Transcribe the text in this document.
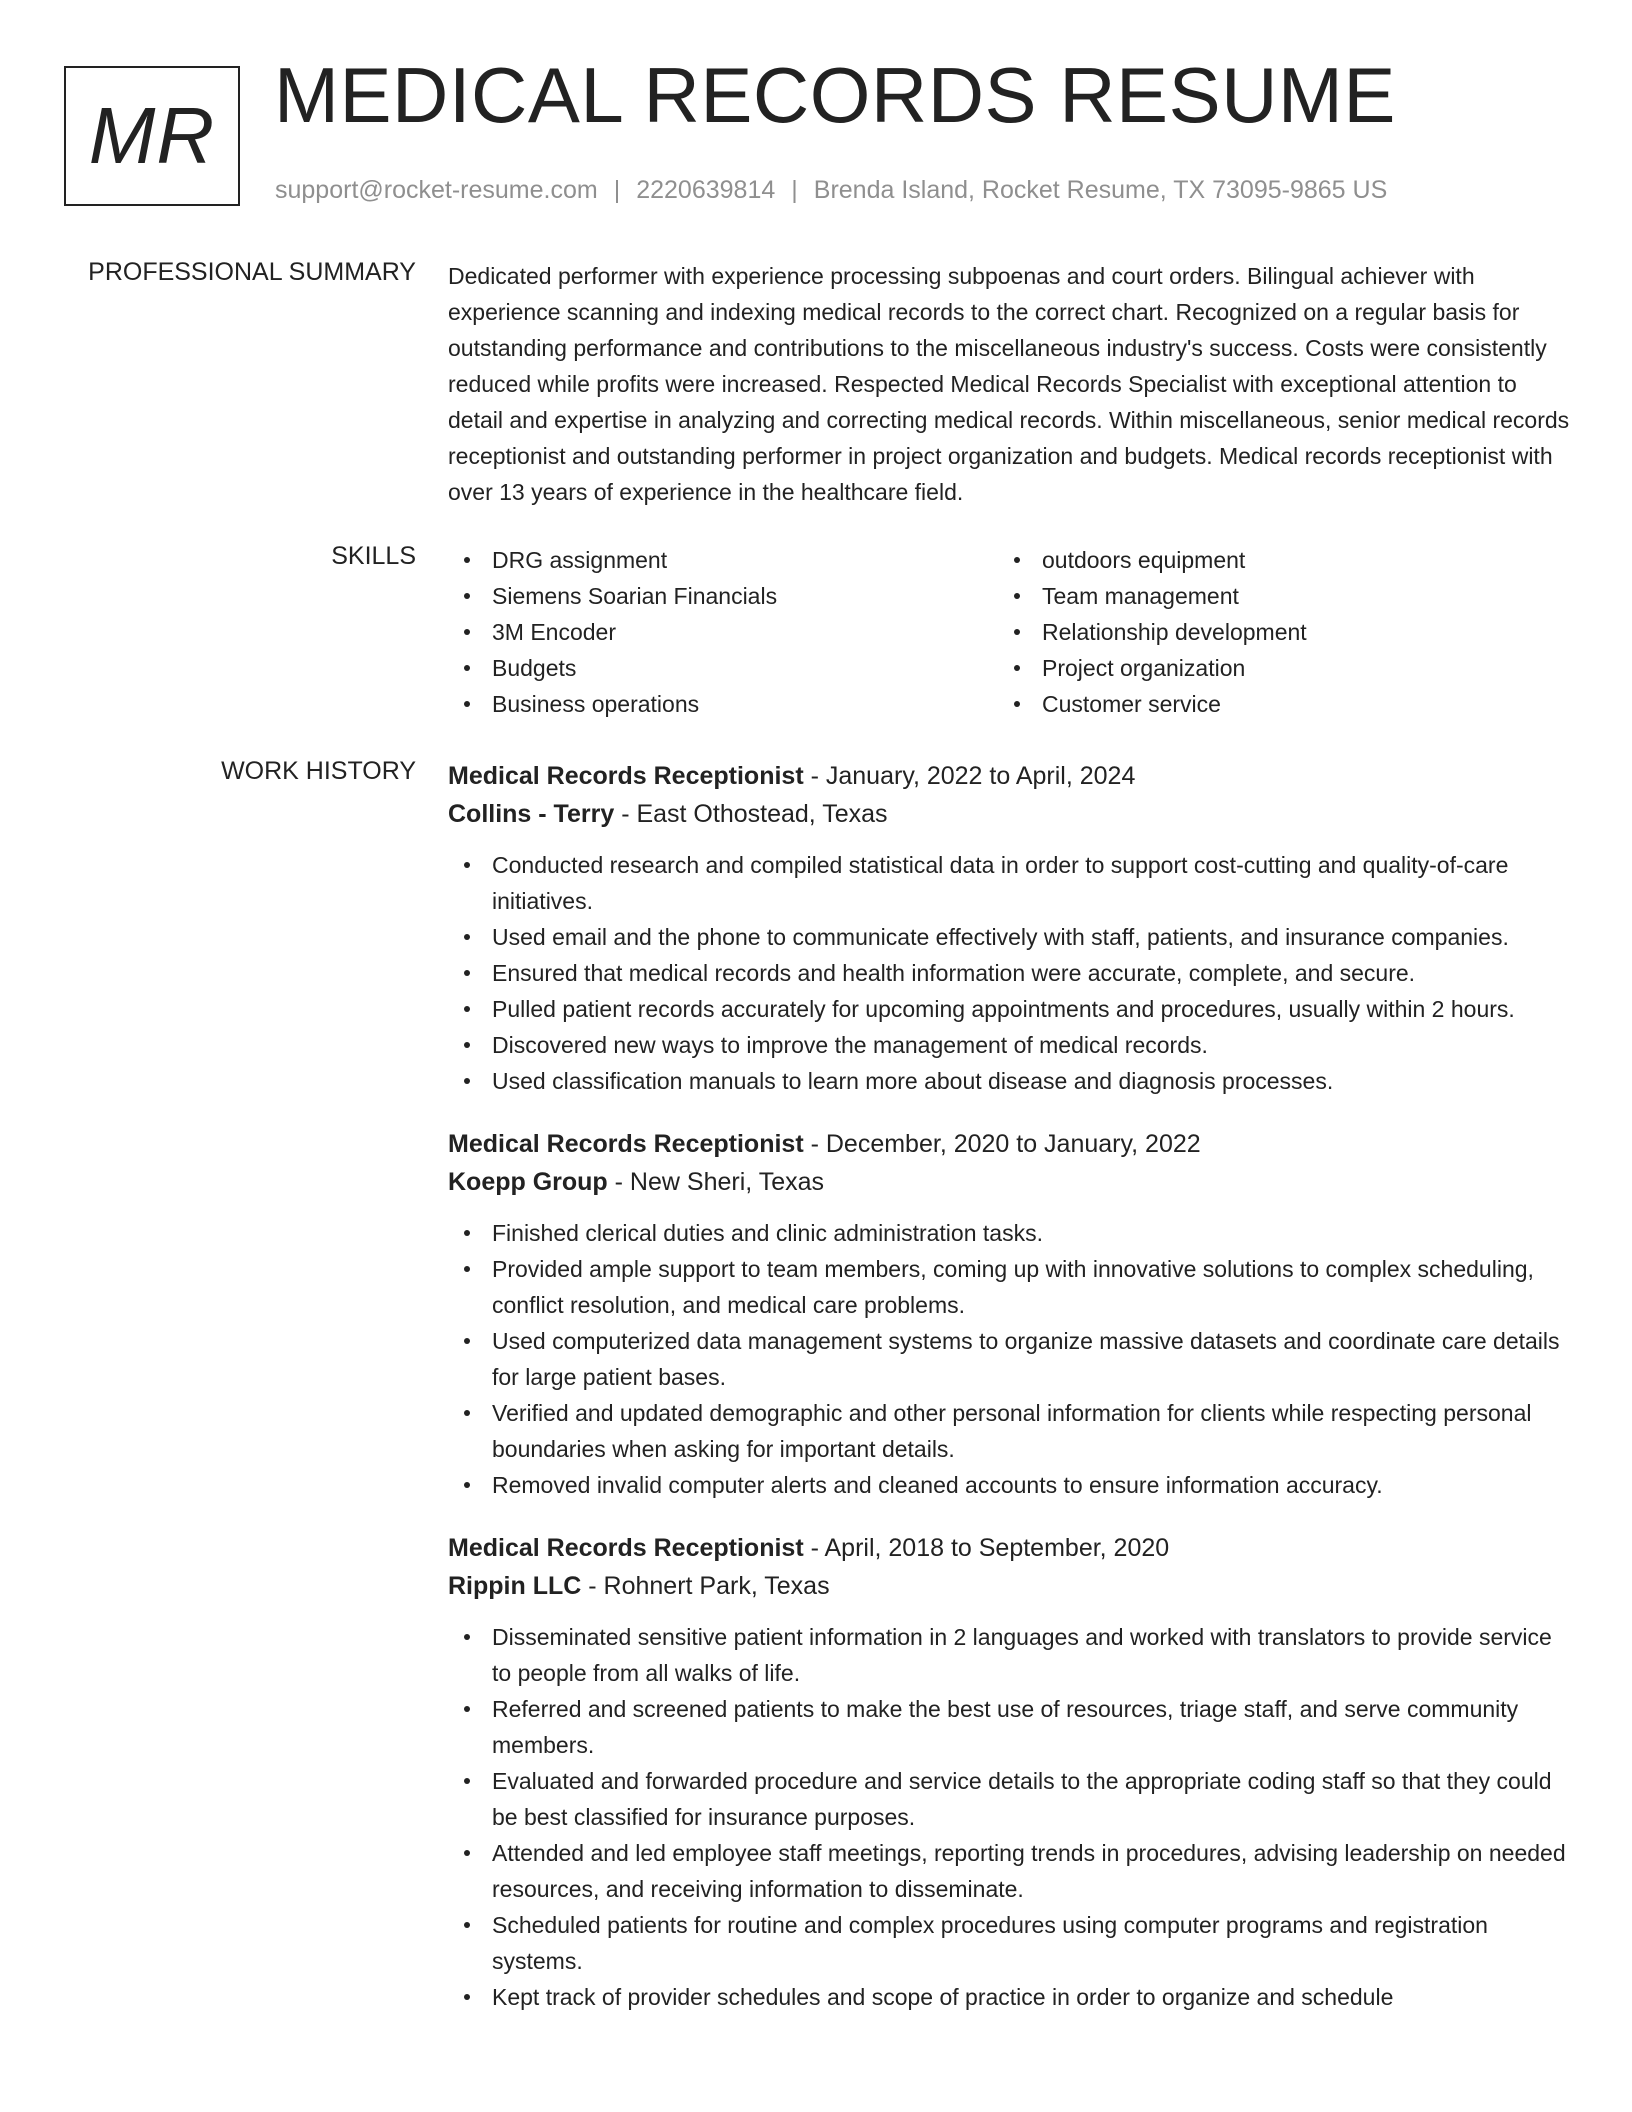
MR MEDICAL RECORDS RESUME
support@rocket-resume.com | 2220639814 | Brenda Island, Rocket Resume, TX 73095-9865 US
PROFESSIONAL SUMMARY Dedicated performer with experience processing subpoenas and court orders. Bilingual achiever with experience scanning and indexing medical records to the correct chart. Recognized on a regular basis for outstanding performance and contributions to the miscellaneous industry's success. Costs were consistently reduced while profits were increased. Respected Medical Records Specialist with exceptional attention to detail and expertise in analyzing and correcting medical records. Within miscellaneous, senior medical records receptionist and outstanding performer in project organization and budgets. Medical records receptionist with over 13 years of experience in the healthcare field.

SKILLS	DRG assignment
Siemens Soarian Financials
3M Encoder
Budgets
Business operations
outdoors equipment
Team management
Relationship development
Project organization
Customer service
WORK HISTORY Medical Records Receptionist - January, 2022 to April, 2024
Collins - Terry - East Othostead, Texas
Conducted research and compiled statistical data in order to support cost-cutting and quality-of-care initiatives.
Used email and the phone to communicate effectively with staff, patients, and insurance companies.
Ensured that medical records and health information were accurate, complete, and secure.
Pulled patient records accurately for upcoming appointments and procedures, usually within 2 hours.
Discovered new ways to improve the management of medical records.
Used classification manuals to learn more about disease and diagnosis processes.
Medical Records Receptionist - December, 2020 to January, 2022
Koepp Group - New Sheri, Texas
Finished clerical duties and clinic administration tasks.
Provided ample support to team members, coming up with innovative solutions to complex scheduling, conflict resolution, and medical care problems.
Used computerized data management systems to organize massive datasets and coordinate care details for large patient bases.
Verified and updated demographic and other personal information for clients while respecting personal boundaries when asking for important details.
Removed invalid computer alerts and cleaned accounts to ensure information accuracy.
Medical Records Receptionist - April, 2018 to September, 2020
Rippin LLC - Rohnert Park, Texas
Disseminated sensitive patient information in 2 languages and worked with translators to provide service to people from all walks of life.
Referred and screened patients to make the best use of resources, triage staff, and serve community members.
Evaluated and forwarded procedure and service details to the appropriate coding staff so that they could be best classified for insurance purposes.
Attended and led employee staff meetings, reporting trends in procedures, advising leadership on needed resources, and receiving information to disseminate.
Scheduled patients for routine and complex procedures using computer programs and registration systems.
Kept track of provider schedules and scope of practice in order to organize and schedule
